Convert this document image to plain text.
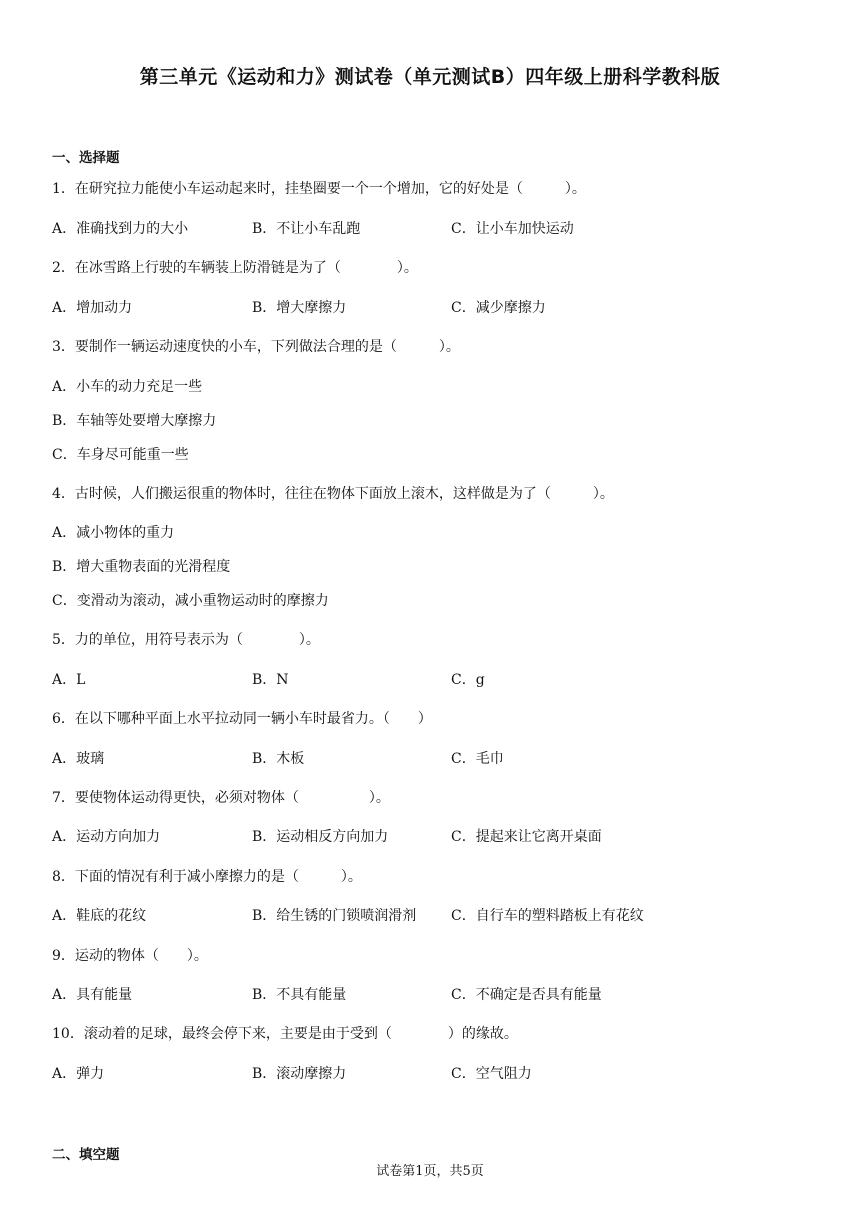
第三单元《运动和力》测试卷（单元测试B）四年级上册科学教科版
一、选择题
1．在研究拉力能使小车运动起来时，挂垫圈要一个一个增加，它的好处是（　　　）。
A．准确找到力的大小	B．不让小车乱跑	C．让小车加快运动
2．在冰雪路上行驶的车辆装上防滑链是为了（　　　　）。
A．增加动力	B．增大摩擦力	C．减少摩擦力
3．要制作一辆运动速度快的小车，下列做法合理的是（　　　）。
A．小车的动力充足一些
B．车轴等处要增大摩擦力
C．车身尽可能重一些
4．古时候，人们搬运很重的物体时，往往在物体下面放上滚木，这样做是为了（　　　）。
A．减小物体的重力
B．增大重物表面的光滑程度
C．变滑动为滚动，减小重物运动时的摩擦力
5．力的单位，用符号表示为（　　　　）。
A．L	B．N	C．g
6．在以下哪种平面上水平拉动同一辆小车时最省力。（　　）
A．玻璃	B．木板	C．毛巾
7．要使物体运动得更快，必须对物体（　　　　　）。
A．运动方向加力	B．运动相反方向加力	C．提起来让它离开桌面
8．下面的情况有利于减小摩擦力的是（　　　）。
A．鞋底的花纹	B．给生锈的门锁喷润滑剂 C．自行车的塑料踏板上有花纹
9．运动的物体（　　）。
A．具有能量	B．不具有能量	C．不确定是否具有能量
10．滚动着的足球，最终会停下来，主要是由于受到（　　　　）的缘故。
A．弹力	B．滚动摩擦力	C．空气阻力
二、填空题
试卷第1页，共5页
